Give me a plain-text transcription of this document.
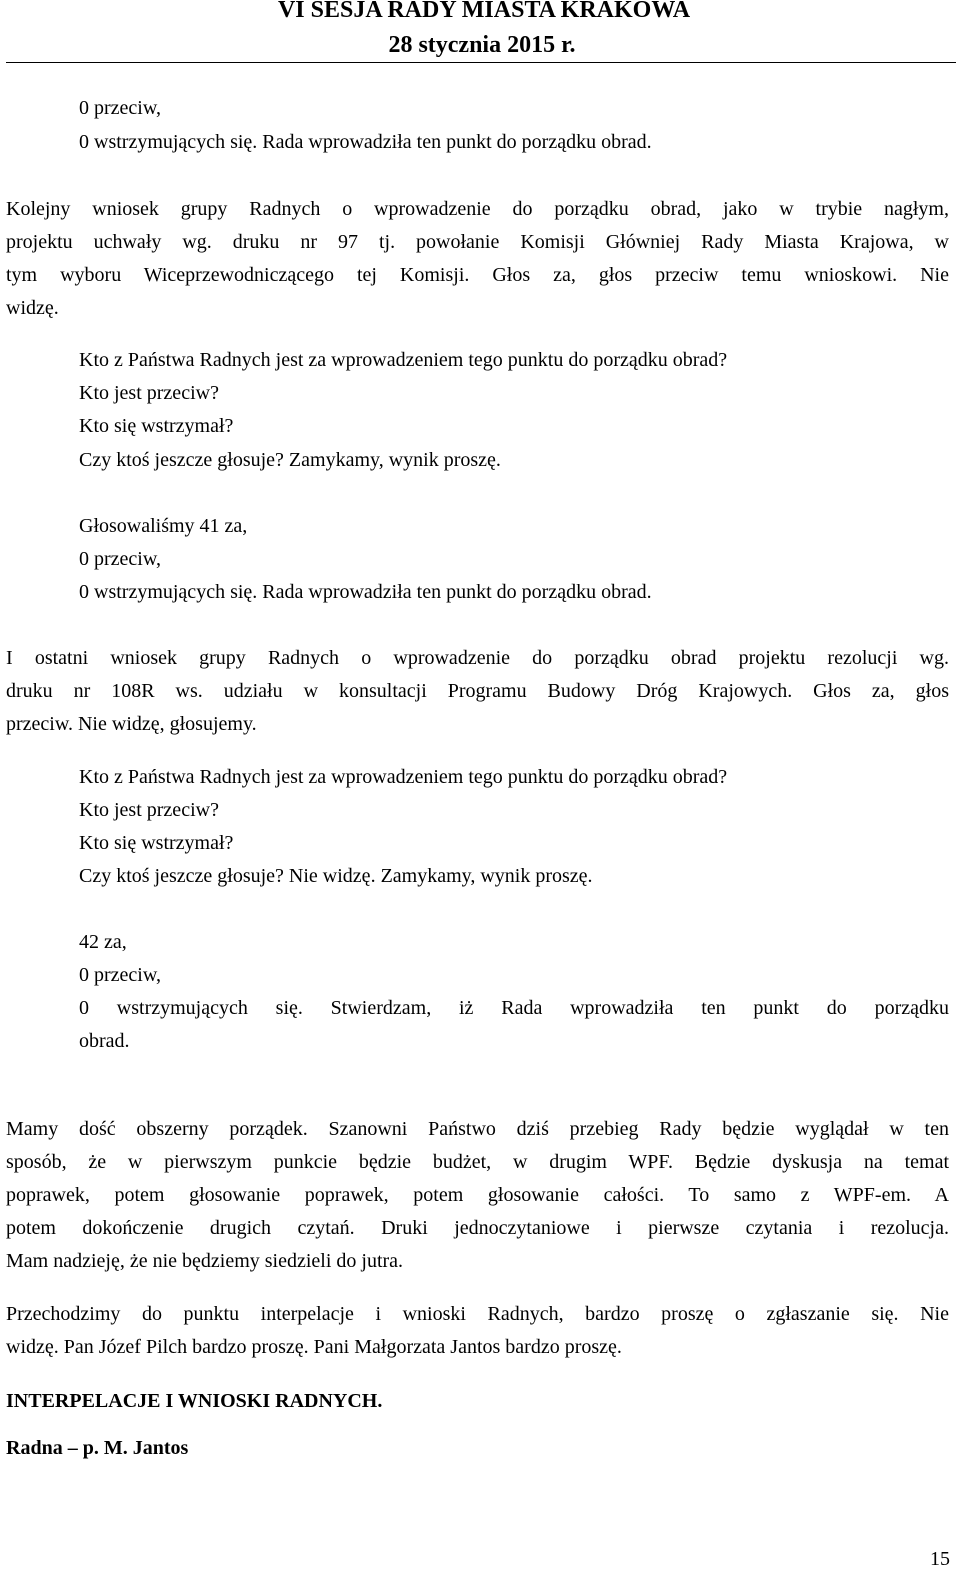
VI SESJA RADY MIASTA KRAKOWA
28 stycznia 2015 r.
0 przeciw,
0 wstrzymujących się. Rada wprowadziła ten punkt do porządku obrad.
Kolejny wniosek grupy Radnych o wprowadzenie do porządku obrad, jako w trybie nagłym,
projektu uchwały wg. druku nr 97 tj. powołanie Komisji Główniej Rady Miasta Krajowa, w
tym wyboru Wiceprzewodniczącego tej Komisji. Głos za, głos przeciw temu wnioskowi. Nie
widzę.
Kto z Państwa Radnych jest za wprowadzeniem tego punktu do porządku obrad?
Kto jest przeciw?
Kto się wstrzymał?
Czy ktoś jeszcze głosuje? Zamykamy, wynik proszę.
Głosowaliśmy 41 za,
0 przeciw,
0 wstrzymujących się. Rada wprowadziła ten punkt do porządku obrad.
I ostatni wniosek grupy Radnych o wprowadzenie do porządku obrad projektu rezolucji wg.
druku nr 108R ws. udziału w konsultacji Programu Budowy Dróg Krajowych. Głos za, głos
przeciw. Nie widzę, głosujemy.
Kto z Państwa Radnych jest za wprowadzeniem tego punktu do porządku obrad?
Kto jest przeciw?
Kto się wstrzymał?
Czy ktoś jeszcze głosuje? Nie widzę. Zamykamy, wynik proszę.
42 za,
0 przeciw,
0 wstrzymujących się. Stwierdzam, iż Rada wprowadziła ten punkt do porządku
obrad.
Mamy dość obszerny porządek. Szanowni Państwo dziś przebieg Rady będzie wyglądał w ten
sposób, że w pierwszym punkcie będzie budżet, w drugim WPF. Będzie dyskusja na temat
poprawek, potem głosowanie poprawek, potem głosowanie całości. To samo z WPF-em. A
potem dokończenie drugich czytań. Druki jednoczytaniowe i pierwsze czytania i rezolucja.
Mam nadzieję, że nie będziemy siedzieli do jutra.
Przechodzimy do punktu interpelacje i wnioski Radnych, bardzo proszę o zgłaszanie się. Nie
widzę. Pan Józef Pilch bardzo proszę. Pani Małgorzata Jantos bardzo proszę.
INTERPELACJE I WNIOSKI RADNYCH.
Radna – p. M. Jantos
15
